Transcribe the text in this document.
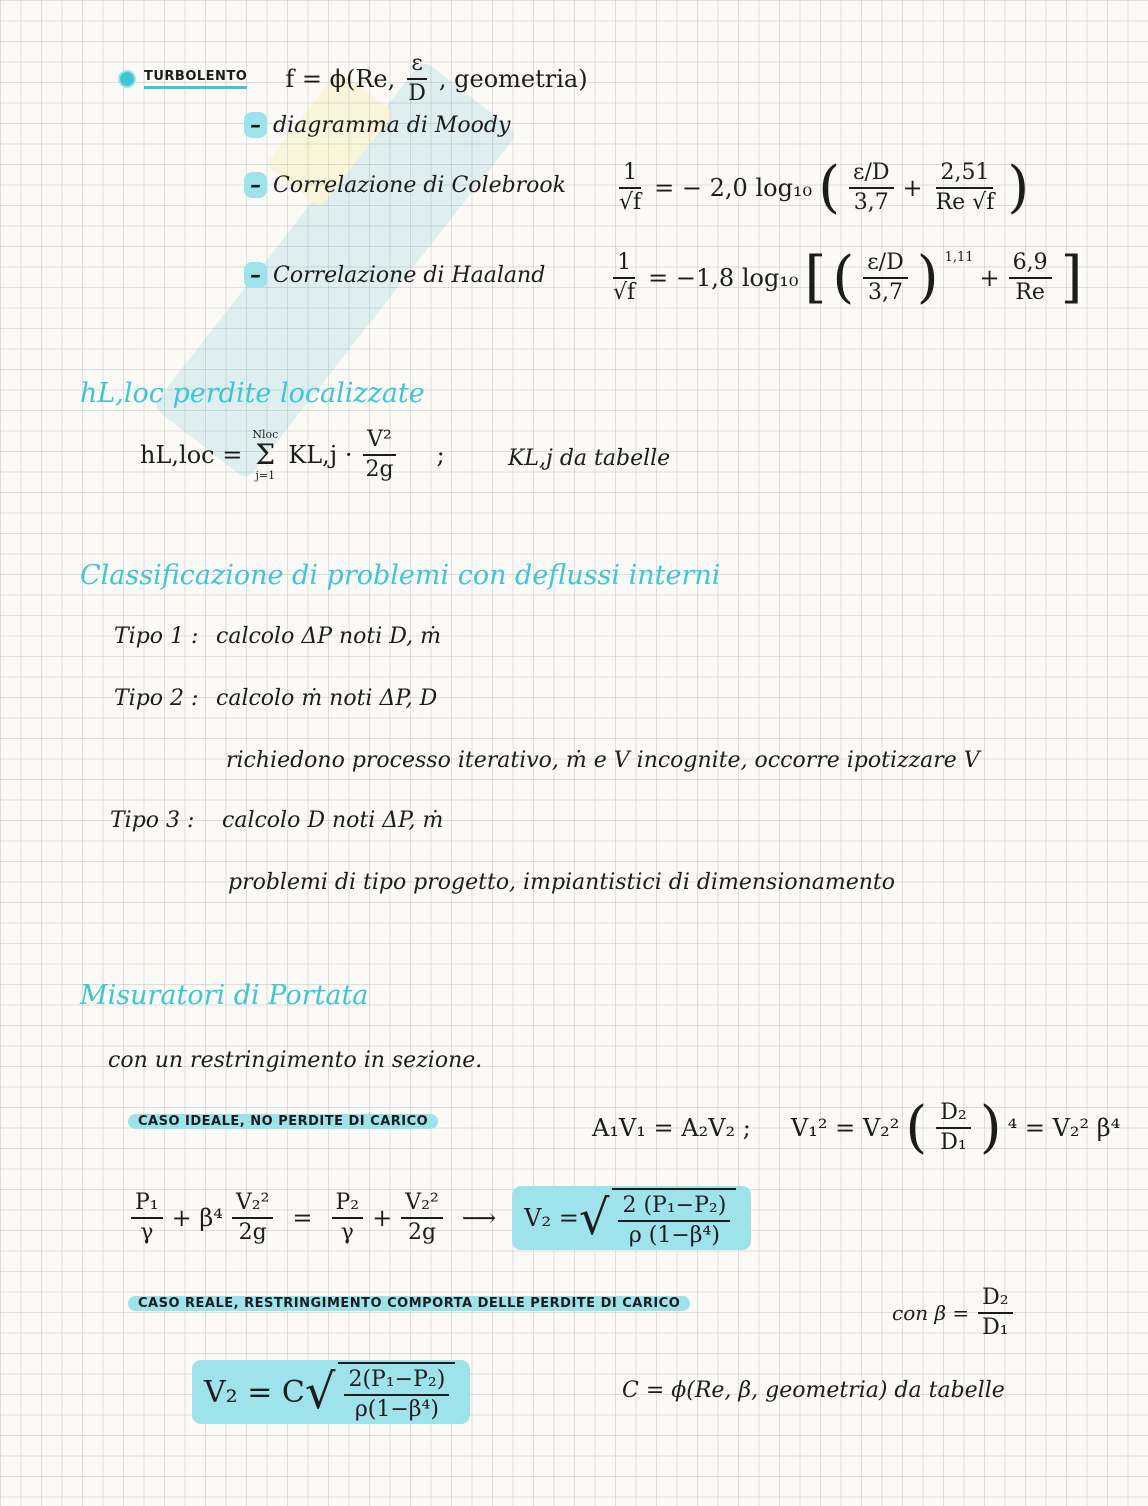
TURBOLENTO f = ϕ(Re, $\frac{\varepsilon}{D}$ , geometria)
– diagramma di Moody
– Correlazione di Colebrook $\frac{1}{√f}$ = − 2,0 log₁₀ ( $\frac{\varepsilon/D}{3,7} + \frac{2,51}{Re √f}$ )
– Correlazione di Haaland	$\frac{1}{√f} = -1,8$ log₁₀ [ ( $\frac{\varepsilon/D}{3,7}$ ) 1,11
+ $\frac{6,9}{Re}$ ]
hL,loc perdite localizzate
hL,loc =
Nloc
Σ
j=1
$KL,j \cdot \frac{\text{V²}}{2g}$ ;	KL,j da tabelle
Classificazione di problemi con deflussi interni
Tipo 1 : calcolo ΔP noti D, ṁ
Tipo 2 : calcolo ṁ noti ΔP, D
richiedono processo iterativo, ṁ e V incognite, occorre ipotizzare V
Tipo 3 : calcolo D noti ΔP, ṁ
problemi di tipo progetto, impiantistici di dimensionamento
Misuratori di Portata
con un restringimento in sezione.
CASO IDEALE, NO PERDITE DI CARICO	A₁V₁ = A₂V₂ ; V₁² = V₂² ( $\frac{\text{D₂}}{\text{D₁}}$ ) ⁴ = V₂² β⁴
$\frac{\text{P₁}}{\gamma} + \beta^4 \frac{\text{V₂²}}{2g} = \frac{\text{P₂}}{\gamma} + \frac{\text{V₂²}}{2g}$ ⟶ V₂ = √ $\frac{\text{2 (P₁−P₂)}}{\text{ρ (1−β⁴)}}$
CASO REALE, RESTRINGIMENTO COMPORTA DELLE PERDITE DI CARICO	con $\beta = \frac{\text{D₂}}{\text{D₁}}$
V₂ = C √ $\frac{\text{2(P₁−P₂)}}{\text{ρ(1−β⁴)}}$	C = ϕ(Re, β, geometria) da tabelle
